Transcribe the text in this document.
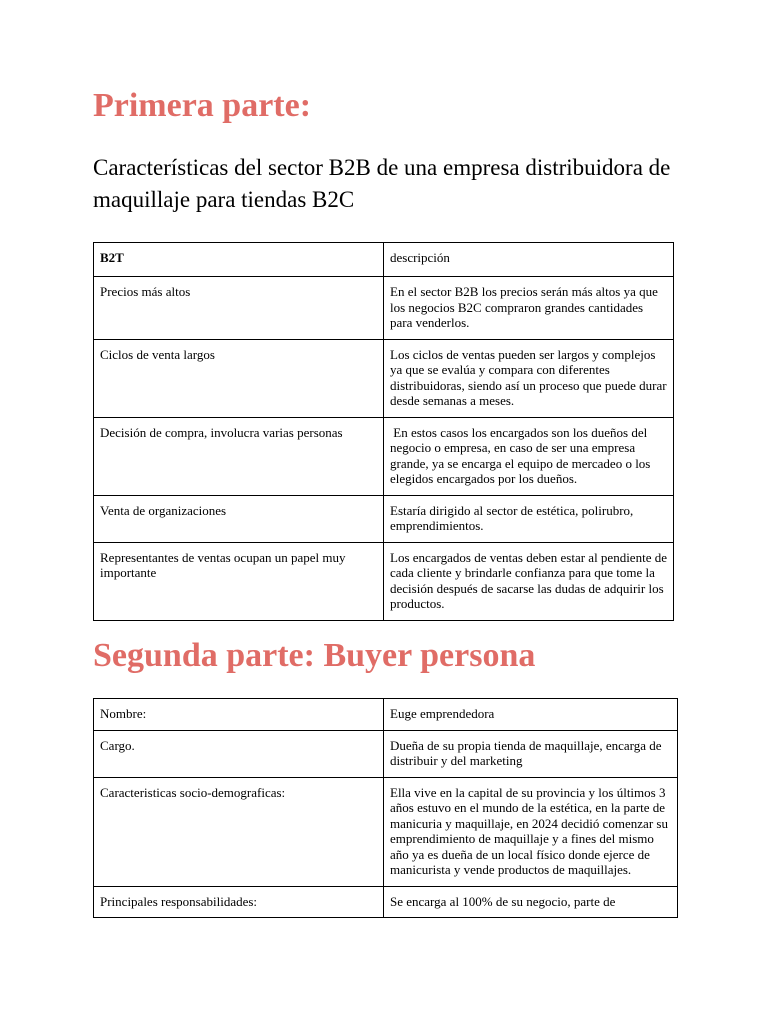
Primera parte:

Características del sector B2B de una empresa distribuidora de maquillaje para tiendas B2C

B2T	descripción
Precios más altos	En el sector B2B los precios serán más altos ya que los negocios B2C compraron grandes cantidades para venderlos.
Ciclos de venta largos	Los ciclos de ventas pueden ser largos y complejos ya que se evalúa y compara con diferentes distribuidoras, siendo así un proceso que puede durar desde semanas a meses.
Decisión de compra, involucra varias personas	En estos casos los encargados son los dueños del negocio o empresa, en caso de ser una empresa grande, ya se encarga el equipo de mercadeo o los elegidos encargados por los dueños.
Venta de organizaciones	Estaría dirigido al sector de estética, polirubro, emprendimientos.
Representantes de ventas ocupan un papel muy importante	Los encargados de ventas deben estar al pendiente de cada cliente y brindarle confianza para que tome la decisión después de sacarse las dudas de adquirir los productos.
Segunda parte: Buyer persona
Nombre:	Euge emprendedora
Cargo.	Dueña de su propia tienda de maquillaje, encarga de distribuir y del marketing
Caracteristicas socio-demograficas:	Ella vive en la capital de su provincia y los últimos 3 años estuvo en el mundo de la estética, en la parte de manicuria y maquillaje, en 2024 decidió comenzar su emprendimiento de maquillaje y a fines del mismo año ya es dueña de un local físico donde ejerce de manicurista y vende productos de maquillajes.
Principales responsabilidades:	Se encarga al 100% de su negocio, parte de
